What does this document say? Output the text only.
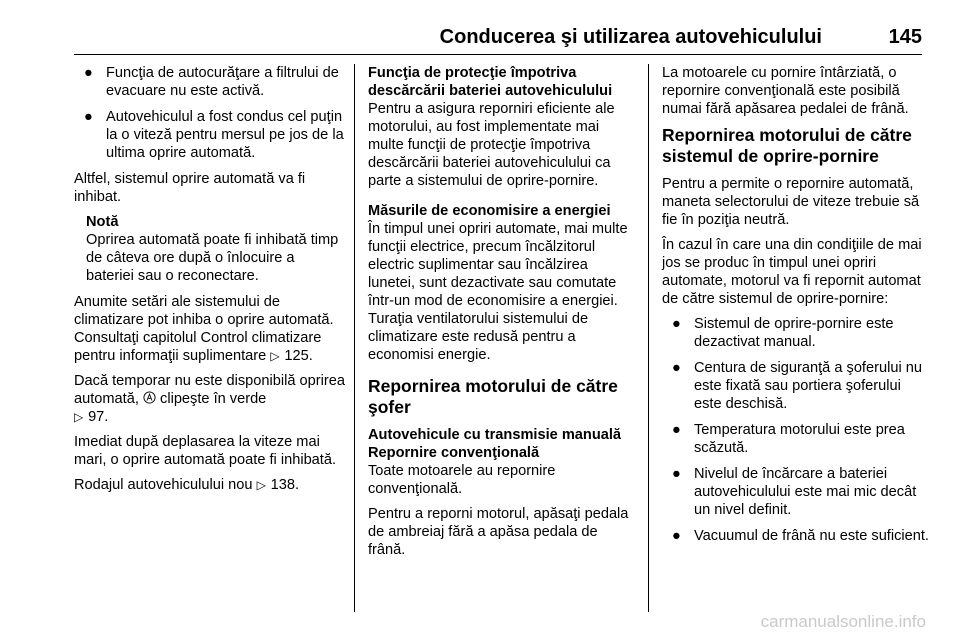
Conducerea şi utilizarea autovehiculului	145

● Funcţia de autocurăţare a filtrului de evacuare nu este activă.
● Autovehiculul a fost condus cel puţin la o viteză pentru mersul pe jos de la ultima oprire automată.

Altfel, sistemul oprire automată va fi inhibat.

Notă
Oprirea automată poate fi inhibată timp de câteva ore după o înlocuire a bateriei sau o reconectare.

Anumite setări ale sistemului de climatizare pot inhiba o oprire automată. Consultaţi capitolul Control climatizare pentru informaţii suplimentare ▷ 125.

Dacă temporar nu este disponibilă oprirea automată, clipeşte în verde
▷ 97.

Imediat după deplasarea la viteze mai mari, o oprire automată poate fi inhibată.

Rodajul autovehiculului nou ▷ 138.

Funcţia de protecţie împotriva descărcării bateriei autovehiculului

Pentru a asigura reporniri eficiente ale motorului, au fost implementate mai multe funcţii de protecţie împotriva descărcării bateriei autovehiculului ca parte a sistemului de oprire-pornire.

Măsurile de economisire a energiei

În timpul unei opriri automate, mai multe funcţii electrice, precum încălzitorul electric suplimentar sau încălzirea lunetei, sunt dezactivate sau comutate într-un mod de economisire a energiei. Turaţia ventilatorului sistemului de climatizare este redusă pentru a economisi energie.

Repornirea motorului de către şofer
Autovehicule cu transmisie manuală
Repornire convenţională

Toate motoarele au repornire convenţională.

Pentru a reporni motorul, apăsaţi pedala de ambreiaj fără a apăsa pedala de frână.

La motoarele cu pornire întârziată, o repornire convenţională este posibilă numai fără apăsarea pedalei de frână.

Repornirea motorului de către sistemul de oprire-pornire

Pentru a permite o repornire automată, maneta selectorului de viteze trebuie să fie în poziţia neutră.

În cazul în care una din condiţiile de mai jos se produc în timpul unei opriri automate, motorul va fi repornit automat de către sistemul de oprire-pornire:

● Sistemul de oprire-pornire este dezactivat manual.
● Centura de siguranţă a şoferului nu este fixată sau portiera şoferului este deschisă.
● Temperatura motorului este prea scăzută.
● Nivelul de încărcare a bateriei autovehiculului este mai mic decât un nivel definit.
● Vacuumul de frână nu este suficient.

carmanualsonline.info
